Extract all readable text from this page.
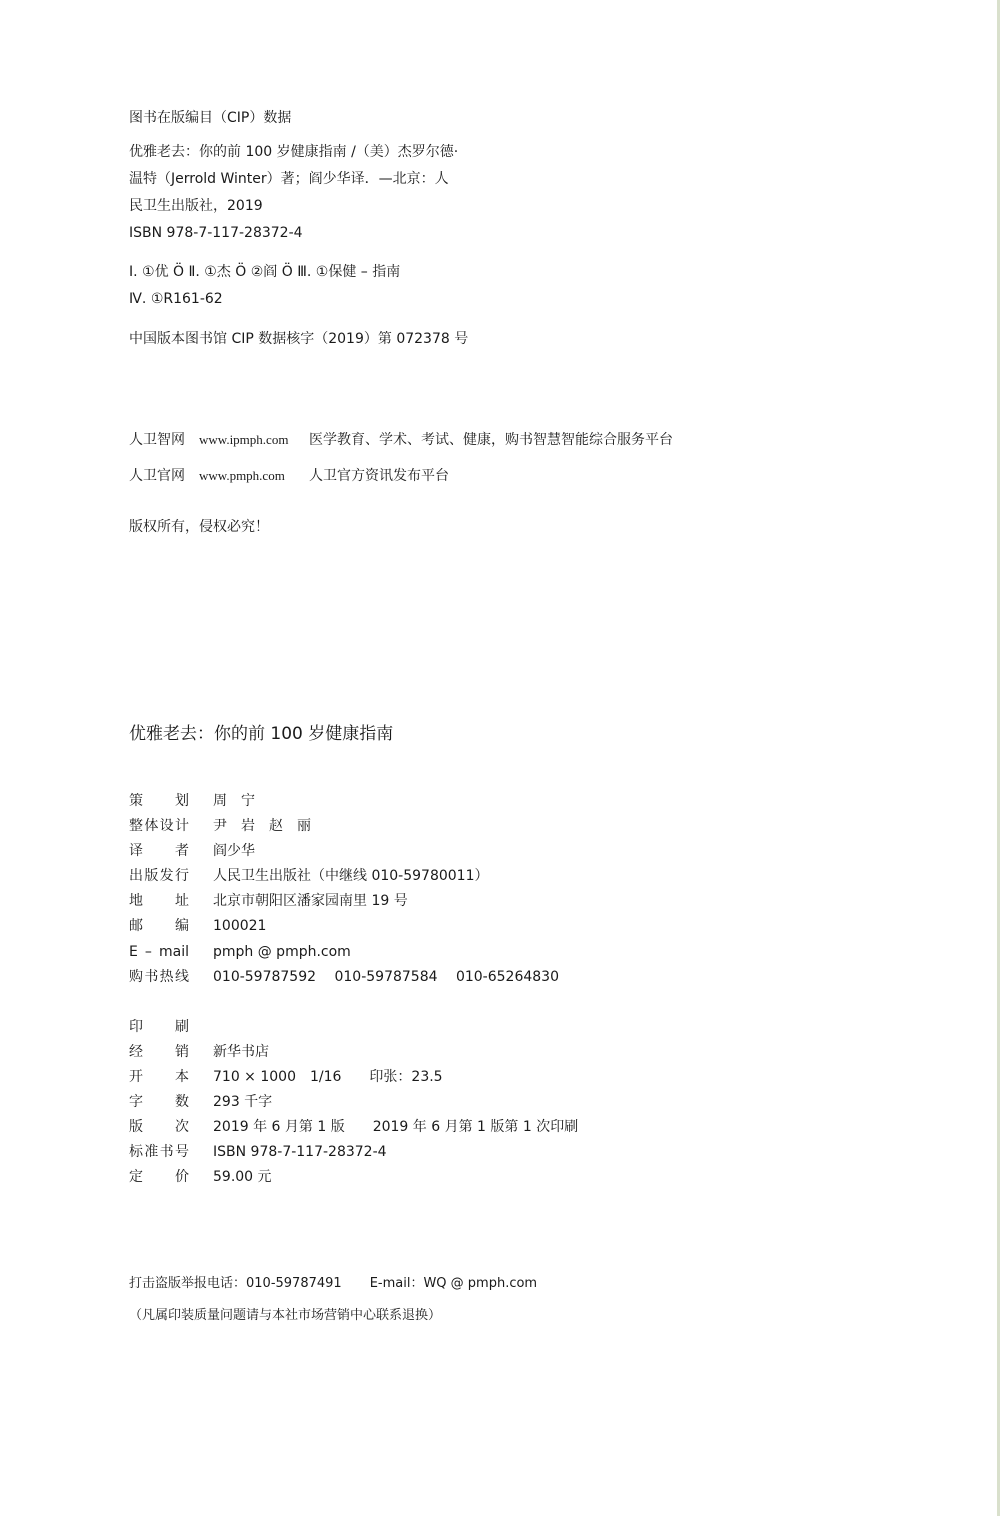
图书在版编目（CIP）数据
优雅老去：你的前 100 岁健康指南 /（美）杰罗尔德·
温特（Jerrold Winter）著；阎少华译．—北京：人
民卫生出版社，2019
ISBN 978-7-117-28372-4
Ⅰ. ①优 Ö Ⅱ. ①杰 Ö ②阎 Ö Ⅲ. ①保健 – 指南
Ⅳ. ①R161-62
中国版本图书馆 CIP 数据核字（2019）第 072378 号
人卫智网 www.ipmph.com 医学教育、学术、考试、健康，购书智慧智能综合服务平台
人卫官网 www.pmph.com 人卫官方资讯发布平台
版权所有，侵权必究！
优雅老去：你的前 100 岁健康指南
策　　划 周　宁
整体设计 尹　岩　赵　丽
译　　者 阎少华
出版发行 人民卫生出版社（中继线 010-59780011）
地　　址 北京市朝阳区潘家园南里 19 号
邮　　编 100021
E – mail pmph @ pmph.com
购书热线 010-59787592　 010-59787584　 010-65264830
印　　刷
经　　销 新华书店
开　　本 710 × 1000　1/16　　印张：23.5
字　　数 293 千字
版　　次 2019 年 6 月第 1 版　　2019 年 6 月第 1 版第 1 次印刷
标准书号 ISBN 978-7-117-28372-4
定　　价 59.00 元
打击盗版举报电话：010-59787491 E-mail：WQ @ pmph.com
（凡属印装质量问题请与本社市场营销中心联系退换）
